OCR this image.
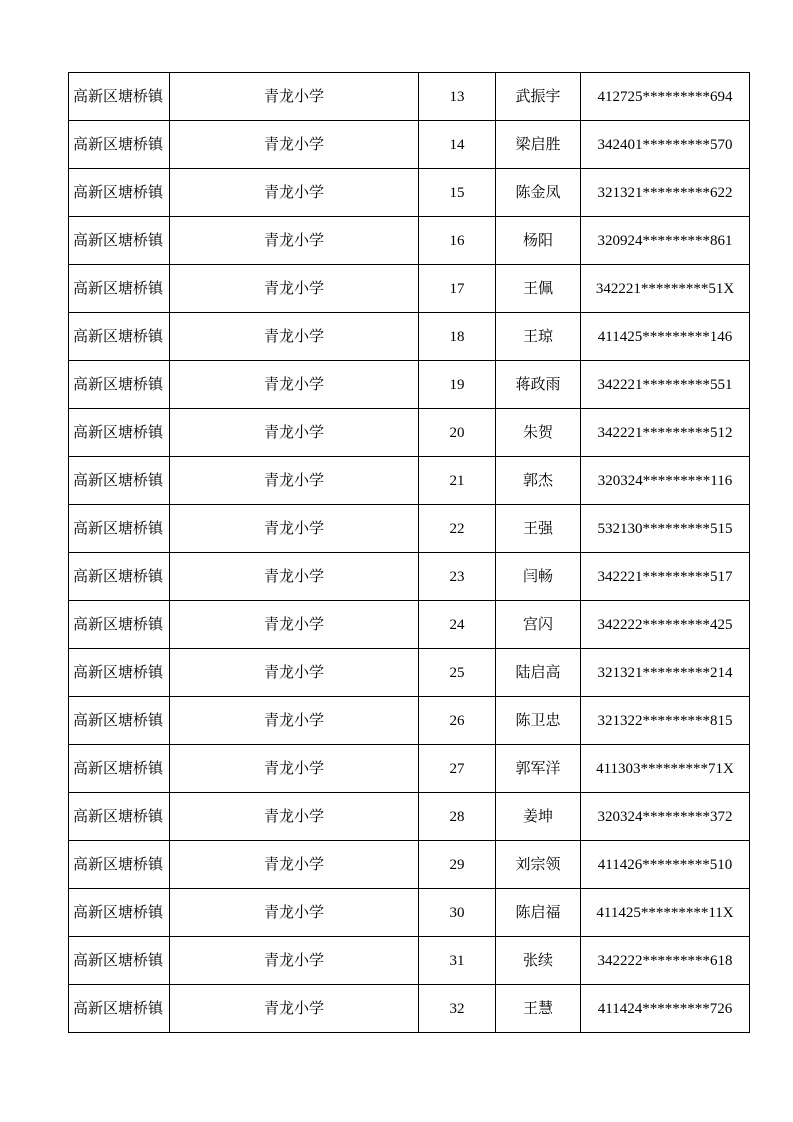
高新区塘桥镇	青龙小学	13	武振宇	412725*********694
高新区塘桥镇	青龙小学	14	梁启胜	342401*********570
高新区塘桥镇	青龙小学	15	陈金凤	321321*********622
高新区塘桥镇	青龙小学	16	杨阳	320924*********861
高新区塘桥镇	青龙小学	17	王佩	342221*********51X
高新区塘桥镇	青龙小学	18	王琼	411425*********146
高新区塘桥镇	青龙小学	19	蒋政雨	342221*********551
高新区塘桥镇	青龙小学	20	朱贺	342221*********512
高新区塘桥镇	青龙小学	21	郭杰	320324*********116
高新区塘桥镇	青龙小学	22	王强	532130*********515
高新区塘桥镇	青龙小学	23	闫畅	342221*********517
高新区塘桥镇	青龙小学	24	宫闪	342222*********425
高新区塘桥镇	青龙小学	25	陆启高	321321*********214
高新区塘桥镇	青龙小学	26	陈卫忠	321322*********815
高新区塘桥镇	青龙小学	27	郭军洋	411303*********71X
高新区塘桥镇	青龙小学	28	姜坤	320324*********372
高新区塘桥镇	青龙小学	29	刘宗领	411426*********510
高新区塘桥镇	青龙小学	30	陈启福	411425*********11X
高新区塘桥镇	青龙小学	31	张续	342222*********618
高新区塘桥镇	青龙小学	32	王慧	411424*********726
